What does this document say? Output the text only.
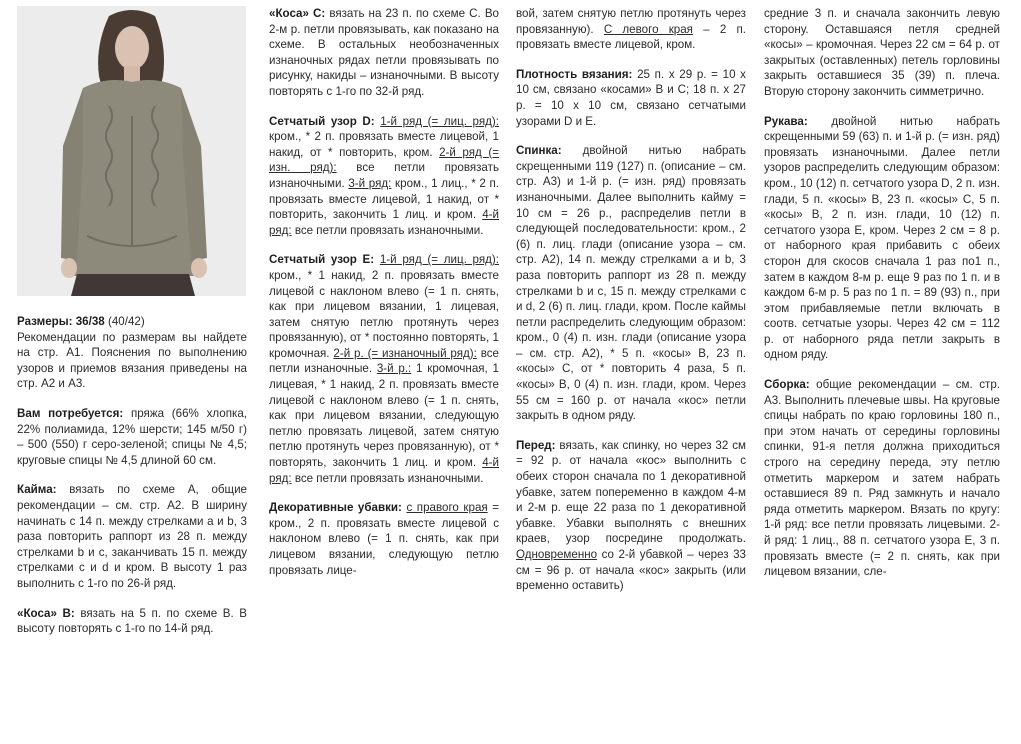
Размеры: 36/38 (40/42)
Рекомендации по размерам вы найдете на стр. А1. Пояснения по выполнению узоров и приемов вязания приведены на стр. А2 и А3.

Вам потребуется: пряжа (66% хлопка, 22% полиамида, 12% шерсти; 145 м/50 г) – 500 (550) г серо-зеленой; спицы № 4,5; круговые спицы № 4,5 длиной 60 см.

Кайма: вязать по схеме А, общие рекомендации – см. стр. А2. В ширину начинать с 14 п. между стрелками a и b, 3 раза повторить раппорт из 28 п. между стрелками b и c, заканчивать 15 п. между стрелками c и d и кром. В высоту 1 раз выполнить с 1-го по 26-й ряд.

«Коса» В: вязать на 5 п. по схеме В. В высоту повторять с 1-го по 14-й ряд.

«Коса» С: вязать на 23 п. по схеме С. Во 2-м р. петли провязывать, как показано на схеме. В остальных необозначенных изнаночных рядах петли провязывать по рисунку, накиды – изнаночными. В высоту повторять с 1-го по 32-й ряд.

Сетчатый узор D: 1-й ряд (= лиц. ряд): кром., * 2 п. провязать вместе лицевой, 1 накид, от * повторить, кром. 2-й ряд (= изн. ряд): все петли провязать изнаночными. 3-й ряд: кром., 1 лиц., * 2 п. провязать вместе лицевой, 1 накид, от * повторить, закончить 1 лиц. и кром. 4-й ряд: все петли провязать изнаночными.

Сетчатый узор Е: 1-й ряд (= лиц. ряд): кром., * 1 накид, 2 п. провязать вместе лицевой с наклоном влево (= 1 п. снять, как при лицевом вязании, 1 лицевая, затем снятую петлю протянуть через провязанную), от * постоянно повторять, 1 кромочная. 2-й р. (= изнаночный ряд): все петли изнаночные. 3-й р.: 1 кромочная, 1 лицевая, * 1 накид, 2 п. провязать вместе лицевой с наклоном влево (= 1 п. снять, как при лицевом вязании, следующую петлю провязать лицевой, затем снятую петлю протянуть через провязанную), от * повторять, закончить 1 лиц. и кром. 4-й ряд: все петли провязать изнаночными.

Декоративные убавки: с правого края = кром., 2 п. провязать вместе лицевой с наклоном влево (= 1 п. снять, как при лицевом вязании, следующую петлю провязать лице-

вой, затем снятую петлю протянуть через провязанную). С левого края – 2 п. провязать вместе лицевой, кром.

Плотность вязания: 25 п. x 29 р. = 10 x 10 см, связано «косами» В и С; 18 п. x 27 р. = 10 x 10 см, связано сетчатыми узорами D и Е.

Спинка: двойной нитью набрать скрещенными 119 (127) п. (описание – см. стр. А3) и 1-й р. (= изн. ряд) провязать изнаночными. Далее выполнить кайму = 10 см = 26 р., распределив петли в следующей последовательности: кром., 2 (6) п. лиц. глади (описание узора – см. стр. А2), 14 п. между стрелками a и b, 3 раза повторить раппорт из 28 п. между стрелками b и c, 15 п. между стрелками c и d, 2 (6) п. лиц. глади, кром. После каймы петли распределить следующим образом: кром., 0 (4) п. изн. глади (описание узора – см. стр. А2), * 5 п. «косы» В, 23 п. «косы» С, от * повторить 4 раза, 5 п. «косы» В, 0 (4) п. изн. глади, кром. Через 55 см = 160 р. от начала «кос» петли закрыть в одном ряду.

Перед: вязать, как спинку, но через 32 см = 92 р. от начала «кос» выполнить с обеих сторон сначала по 1 декоративной убавке, затем попеременно в каждом 4-м и 2-м р. еще 22 раза по 1 декоративной убавке. Убавки выполнять с внешних краев, узор посредине продолжать. Одновременно со 2-й убавкой – через 33 см = 96 р. от начала «кос» закрыть (или временно оставить)

средние 3 п. и сначала закончить левую сторону. Оставшаяся петля средней «косы» – кромочная. Через 22 см = 64 р. от закрытых (оставленных) петель горловины закрыть оставшиеся 35 (39) п. плеча. Вторую сторону закончить симметрично.

Рукава: двойной нитью набрать скрещенными 59 (63) п. и 1-й р. (= изн. ряд) провязать изнаночными. Далее петли узоров распределить следующим образом: кром., 10 (12) п. сетчатого узора D, 2 п. изн. глади, 5 п. «косы» В, 23 п. «косы» С, 5 п. «косы» В, 2 п. изн. глади, 10 (12) п. сетчатого узора Е, кром. Через 2 см = 8 р. от наборного края прибавить с обеих сторон для скосов сначала 1 раз по1 п., затем в каждом 8-м р. еще 9 раз по 1 п. и в каждом 6-м р. 5 раз по 1 п. = 89 (93) п., при этом прибавляемые петли включать в соотв. сетчатые узоры. Через 42 см = 112 р. от наборного ряда петли закрыть в одном ряду.

Сборка: общие рекомендации – см. стр. А3. Выполнить плечевые швы. На круговые спицы набрать по краю горловины 180 п., при этом начать от середины горловины спинки, 91-я петля должна приходиться строго на середину переда, эту петлю отметить маркером и затем набрать оставшиеся 89 п. Ряд замкнуть и начало ряда отметить маркером. Вязать по кругу: 1-й ряд: все петли провязать лицевыми. 2-й ряд: 1 лиц., 88 п. сетчатого узора Е, 3 п. провязать вместе (= 2 п. снять, как при лицевом вязании, сле-
